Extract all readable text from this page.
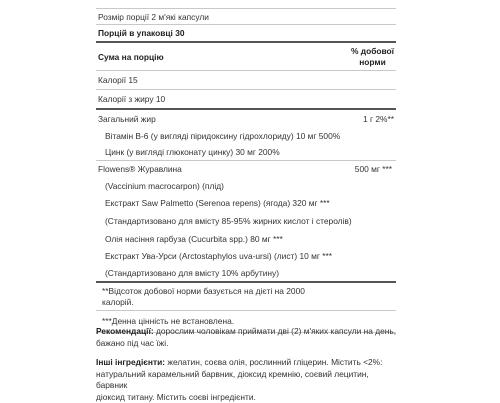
Розмір порції 2 м'які капсули
Порцій в упаковці 30
Сума на порцію
% добової
норми
Калорії 15
Калорії з жиру 10
Загальний жир	1 г 2%**
Вітамін В-6 (у вигляді піридоксину гідрохлориду) 10 мг 500%
Цинк (у вигляді глюконату цинку) 30 мг 200%
Flowens® Журавлина	500 мг ***
(Vaccinium macrocarpon) (плід)
Екстракт Saw Palmetto (Serenoa repens) (ягода) 320 мг ***
(Стандартизовано для вмісту 85-95% жирних кислот і стеролів)
Олія насіння гарбуза (Cucurbita spp.) 80 мг ***
Екстракт Ува-Урси (Arctostaphylos uva-ursi) (лист) 10 мг ***
(Стандартизовано для вмісту 10% арбутину)
**Відсоток добової норми базується на дієті на 2000
калорій.
***Денна цінність не встановлена.
Рекомендації: дорослим чоловікам приймати дві (2) м'яких капсули на день,
бажано під час їжі.
Інші інгредієнти: желатин, соєва олія, рослинний гліцерин. Містить <2%:
натуральний карамельний барвник, діоксид кремнію, соєвий лецитин, барвник
діоксид титану. Містить соєві інгредієнти.
